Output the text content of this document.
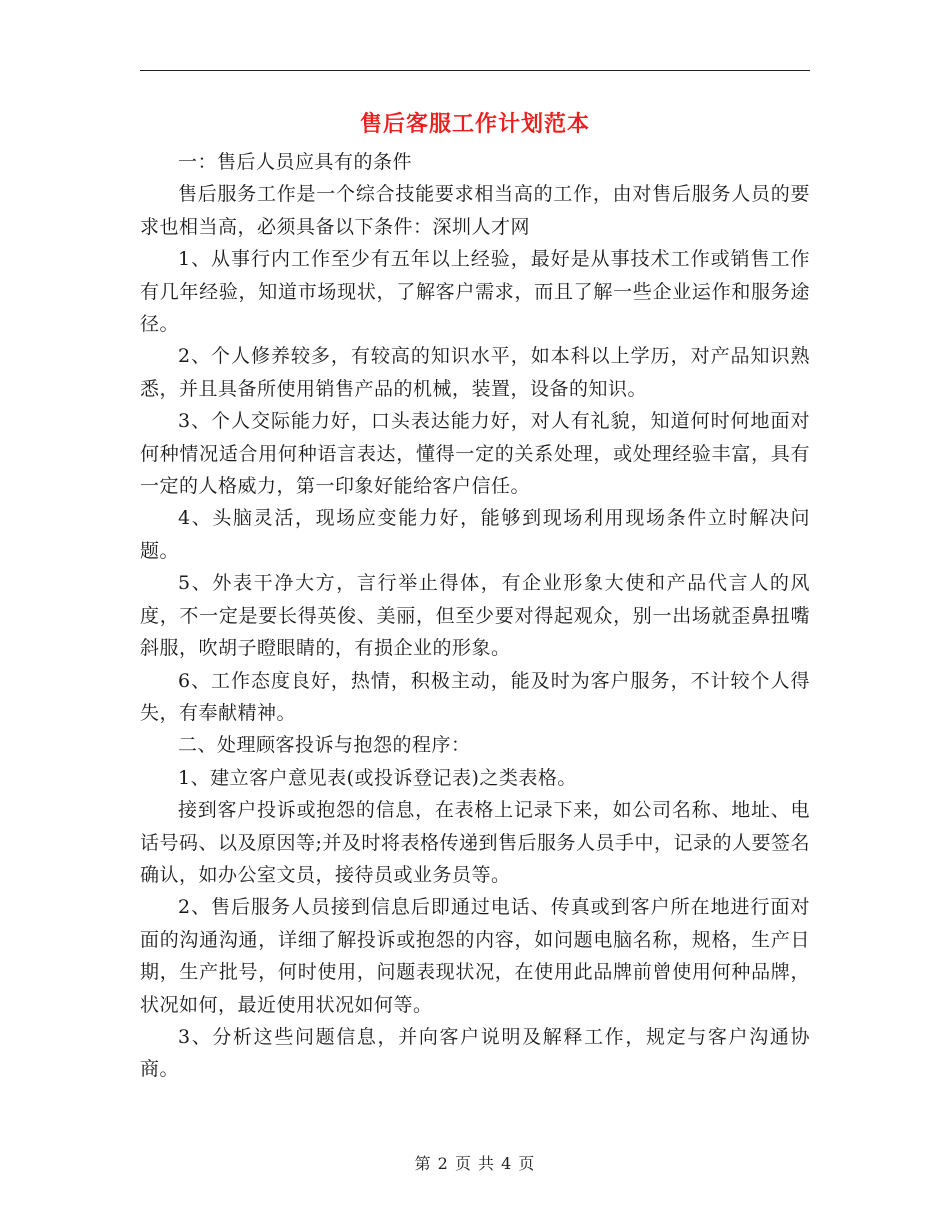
售后客服工作计划范本

一：售后人员应具有的条件

售后服务工作是一个综合技能要求相当高的工作，由对售后服务人员的要求也相当高，必须具备以下条件：深圳人才网

1、从事行内工作至少有五年以上经验，最好是从事技术工作或销售工作有几年经验，知道市场现状，了解客户需求，而且了解一些企业运作和服务途径。

2、个人修养较多，有较高的知识水平，如本科以上学历，对产品知识熟悉，并且具备所使用销售产品的机械，装置，设备的知识。

3、个人交际能力好，口头表达能力好，对人有礼貌，知道何时何地面对何种情况适合用何种语言表达，懂得一定的关系处理，或处理经验丰富，具有一定的人格威力，第一印象好能给客户信任。

4、头脑灵活，现场应变能力好，能够到现场利用现场条件立时解决问题。

5、外表干净大方，言行举止得体，有企业形象大使和产品代言人的风度，不一定是要长得英俊、美丽，但至少要对得起观众，别一出场就歪鼻扭嘴斜服，吹胡子瞪眼睛的，有损企业的形象。

6、工作态度良好，热情，积极主动，能及时为客户服务，不计较个人得失，有奉献精神。

二、处理顾客投诉与抱怨的程序：

1、建立客户意见表(或投诉登记表)之类表格。

接到客户投诉或抱怨的信息，在表格上记录下来，如公司名称、地址、电话号码、以及原因等;并及时将表格传递到售后服务人员手中，记录的人要签名确认，如办公室文员，接待员或业务员等。

2、售后服务人员接到信息后即通过电话、传真或到客户所在地进行面对面的沟通沟通，详细了解投诉或抱怨的内容，如问题电脑名称，规格，生产日期，生产批号，何时使用，问题表现状况，在使用此品牌前曾使用何种品牌，状况如何，最近使用状况如何等。

3、分析这些问题信息，并向客户说明及解释工作，规定与客户沟通协商。

第 2 页 共 4 页
